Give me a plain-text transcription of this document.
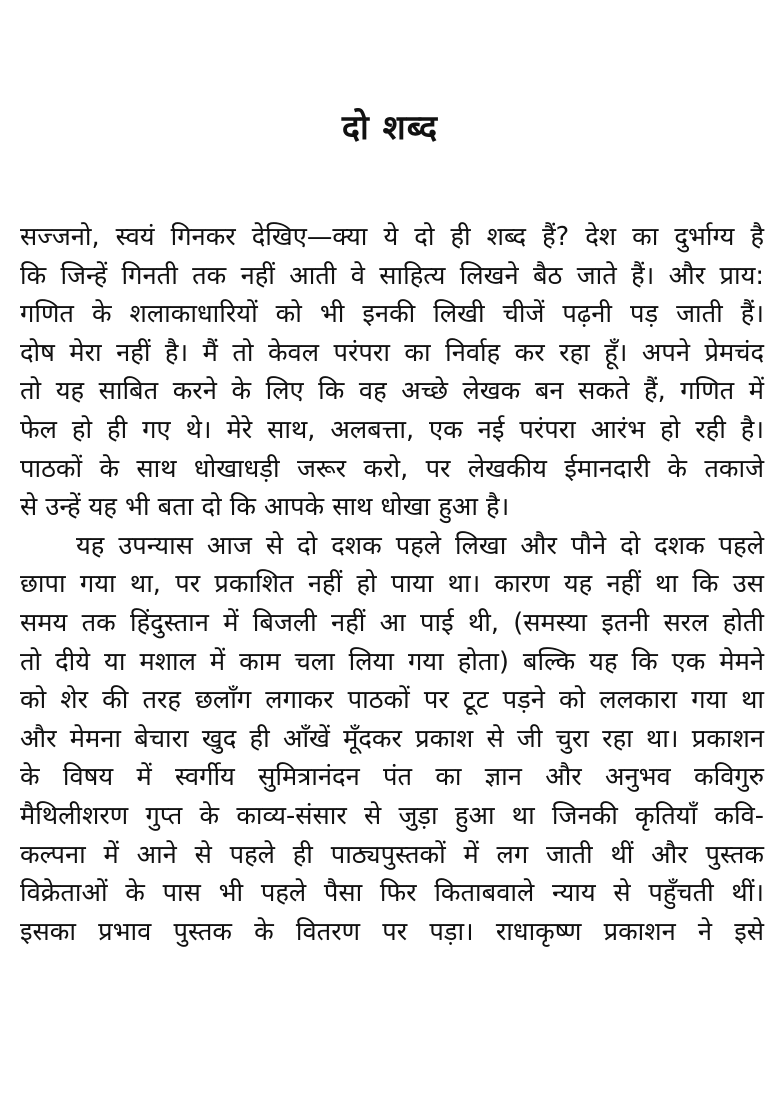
दो शब्द
सज्जनो, स्वयं गिनकर देखिए—क्या ये दो ही शब्द हैं? देश का दुर्भाग्य है
कि जिन्हें गिनती तक नहीं आती वे साहित्य लिखने बैठ जाते हैं। और प्राय:
गणित के शलाकाधारियों को भी इनकी लिखी चीजें पढ़नी पड़ जाती हैं।
दोष मेरा नहीं है। मैं तो केवल परंपरा का निर्वाह कर रहा हूँ। अपने प्रेमचंद
तो यह साबित करने के लिए कि वह अच्छे लेखक बन सकते हैं, गणित में
फेल हो ही गए थे। मेरे साथ, अलबत्ता, एक नई परंपरा आरंभ हो रही है।
पाठकों के साथ धोखाधड़ी जरूर करो, पर लेखकीय ईमानदारी के तकाजे
से उन्हें यह भी बता दो कि आपके साथ धोखा हुआ है।
यह उपन्यास आज से दो दशक पहले लिखा और पौने दो दशक पहले
छापा गया था, पर प्रकाशित नहीं हो पाया था। कारण यह नहीं था कि उस
समय तक हिंदुस्तान में बिजली नहीं आ पाई थी, (समस्या इतनी सरल होती
तो दीये या मशाल में काम चला लिया गया होता) बल्कि यह कि एक मेमने
को शेर की तरह छलाँग लगाकर पाठकों पर टूट पड़ने को ललकारा गया था
और मेमना बेचारा खुद ही आँखें मूँदकर प्रकाश से जी चुरा रहा था। प्रकाशन
के विषय में स्वर्गीय सुमित्रानंदन पंत का ज्ञान और अनुभव कविगुरु
मैथिलीशरण गुप्त के काव्य-संसार से जुड़ा हुआ था जिनकी कृतियाँ कवि-
कल्पना में आने से पहले ही पाठ्यपुस्तकों में लग जाती थीं और पुस्तक
विक्रेताओं के पास भी पहले पैसा फिर किताबवाले न्याय से पहुँचती थीं।
इसका प्रभाव पुस्तक के वितरण पर पड़ा। राधाकृष्ण प्रकाशन ने इसे
